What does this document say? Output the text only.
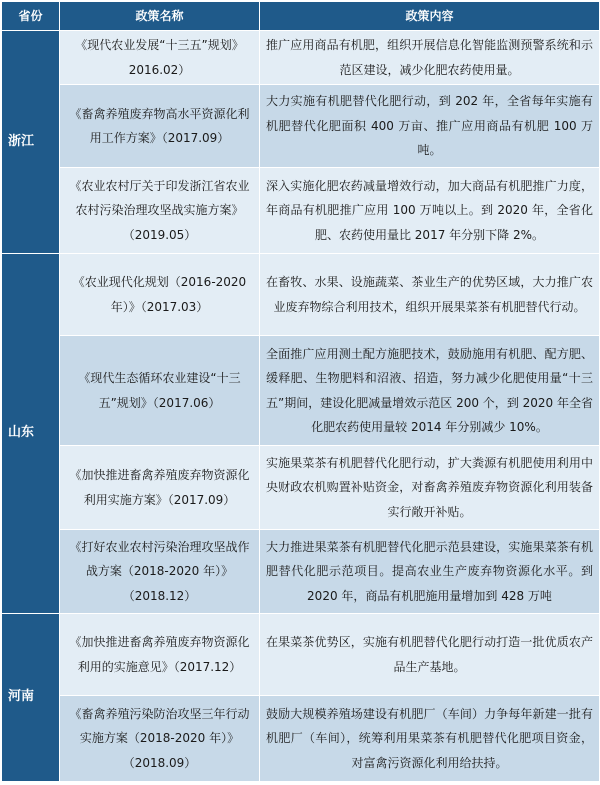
省份	政策名称	政策内容
浙江	《现代农业发展“十三五”规划》2016.02）	推广应用商品有机肥，组织开展信息化智能监测预警系统和示范区建设，减少化肥农药使用量。
	《畜禽养殖废弃物高水平资源化利用工作方案》（2017.09）	大力实施有机肥替代化肥行动，到 202 年，全省每年实施有机肥替代化肥面积 400 万亩、推广应用商品有机肥 100 万吨。
	《农业农村厅关于印发浙江省农业农村污染治理攻坚战实施方案》（2019.05）	深入实施化肥农药减量增效行动，加大商品有机肥推广力度，年商品有机肥推广应用 100 万吨以上。到 2020 年，全省化肥、农药使用量比 2017 年分别下降 2%。
山东	《农业现代化规划（2016-2020 年）》（2017.03）	在畜牧、水果、设施蔬菜、茶业生产的优势区域，大力推广农业废弃物综合利用技术，组织开展果菜茶有机肥替代行动。
	《现代生态循环农业建设“十三五”规划》（2017.06）	全面推广应用测土配方施肥技术，鼓励施用有机肥、配方肥、缓释肥、生物肥料和沼液、招造，努力减少化肥使用量“十三五”期间，建设化肥减量增效示范区 200 个，到 2020 年全省化肥农药使用量较 2014 年分别减少 10%。
	《加快推进畜禽养殖废弃物资源化利用实施方案》（2017.09）	实施果菜茶有机肥替代化肥行动，扩大粪源有机肥使用利用中央财政农机购置补贴资金，对畜禽养殖废弃物资源化利用装备实行敞开补贴。
	《打好农业农村污染治理攻坚战作战方案（2018-2020 年）》（2018.12）	大力推进果菜茶有机肥替代化肥示范县建设，实施果菜茶有机肥替代化肥示范项目。提高农业生产废弃物资源化水平。到 2020 年，商品有机肥施用量增加到 428 万吨
河南	《加快推进畜禽养殖废弃物资源化利用的实施意见》（2017.12）	在果菜茶优势区，实施有机肥替代化肥行动打造一批优质农产品生产基地。
	《畜禽养殖污染防治攻坚三年行动实施方案（2018-2020 年）》（2018.09）	鼓励大规模养殖场建设有机肥厂（车间）力争每年新建一批有机肥厂（车间），统筹利用果菜茶有机肥替代化肥项目资金，对富禽污资源化利用给扶持。
